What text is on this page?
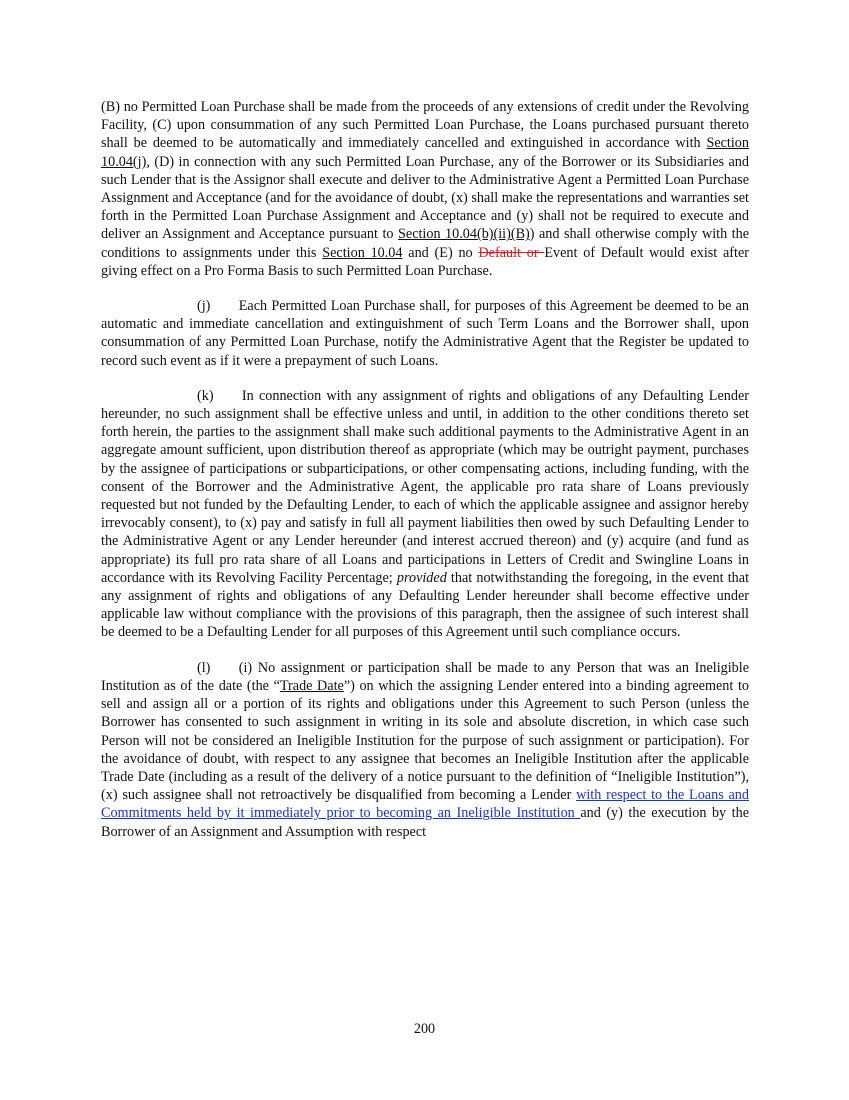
(B) no Permitted Loan Purchase shall be made from the proceeds of any extensions of credit under the Revolving Facility, (C) upon consummation of any such Permitted Loan Purchase, the Loans purchased pursuant thereto shall be deemed to be automatically and immediately cancelled and extinguished in accordance with Section 10.04(j), (D) in connection with any such Permitted Loan Purchase, any of the Borrower or its Subsidiaries and such Lender that is the Assignor shall execute and deliver to the Administrative Agent a Permitted Loan Purchase Assignment and Acceptance (and for the avoidance of doubt, (x) shall make the representations and warranties set forth in the Permitted Loan Purchase Assignment and Acceptance and (y) shall not be required to execute and deliver an Assignment and Acceptance pursuant to Section 10.04(b)(ii)(B)) and shall otherwise comply with the conditions to assignments under this Section 10.04 and (E) no Default or Event of Default would exist after giving effect on a Pro Forma Basis to such Permitted Loan Purchase.

(j)  Each Permitted Loan Purchase shall, for purposes of this Agreement be deemed to be an automatic and immediate cancellation and extinguishment of such Term Loans and the Borrower shall, upon consummation of any Permitted Loan Purchase, notify the Administrative Agent that the Register be updated to record such event as if it were a prepayment of such Loans.

(k)  In connection with any assignment of rights and obligations of any Defaulting Lender hereunder, no such assignment shall be effective unless and until, in addition to the other conditions thereto set forth herein, the parties to the assignment shall make such additional payments to the Administrative Agent in an aggregate amount sufficient, upon distribution thereof as appropriate (which may be outright payment, purchases by the assignee of participations or subparticipations, or other compensating actions, including funding, with the consent of the Borrower and the Administrative Agent, the applicable pro rata share of Loans previously requested but not funded by the Defaulting Lender, to each of which the applicable assignee and assignor hereby irrevocably consent), to (x) pay and satisfy in full all payment liabilities then owed by such Defaulting Lender to the Administrative Agent or any Lender hereunder (and interest accrued thereon) and (y) acquire (and fund as appropriate) its full pro rata share of all Loans and participations in Letters of Credit and Swingline Loans in accordance with its Revolving Facility Percentage; provided that notwithstanding the foregoing, in the event that any assignment of rights and obligations of any Defaulting Lender hereunder shall become effective under applicable law without compliance with the provisions of this paragraph, then the assignee of such interest shall be deemed to be a Defaulting Lender for all purposes of this Agreement until such compliance occurs.

(l)  (i) No assignment or participation shall be made to any Person that was an Ineligible Institution as of the date (the “Trade Date”) on which the assigning Lender entered into a binding agreement to sell and assign all or a portion of its rights and obligations under this Agreement to such Person (unless the Borrower has consented to such assignment in writing in its sole and absolute discretion, in which case such Person will not be considered an Ineligible Institution for the purpose of such assignment or participation). For the avoidance of doubt, with respect to any assignee that becomes an Ineligible Institution after the applicable Trade Date (including as a result of the delivery of a notice pursuant to the definition of “Ineligible Institution”), (x) such assignee shall not retroactively be disqualified from becoming a Lender with respect to the Loans and Commitments held by it immediately prior to becoming an Ineligible Institution and (y) the execution by the Borrower of an Assignment and Assumption with respect

200
